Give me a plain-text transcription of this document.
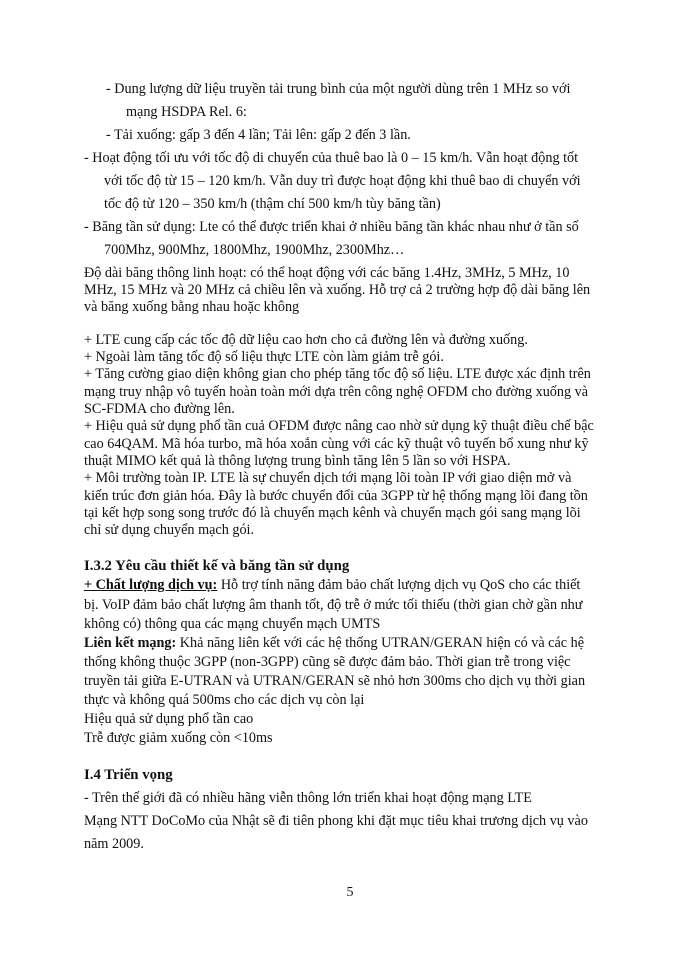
- Dung lượng dữ liệu truyền tải trung bình của một người dùng trên 1 MHz so với
mạng HSDPA Rel. 6:
- Tải xuống: gấp 3 đến 4 lần; Tải lên: gấp 2 đến 3 lần.
- Hoạt động tối ưu với tốc độ di chuyển của thuê bao là 0 – 15 km/h. Vẫn hoạt động tốt
với tốc độ từ 15 – 120 km/h. Vẫn duy trì được hoạt động khi thuê bao di chuyển với
tốc độ từ 120 – 350 km/h (thậm chí 500 km/h tùy băng tần)
- Băng tần sử dụng: Lte có thể được triển khai ở nhiều băng tần khác nhau như ở tần số
700Mhz, 900Mhz, 1800Mhz, 1900Mhz, 2300Mhz…
Độ dài băng thông linh hoạt: có thể hoạt động với các băng 1.4Hz, 3MHz, 5 MHz, 10
MHz, 15 MHz và 20 MHz cả chiều lên và xuống. Hỗ trợ cả 2 trường hợp độ dài băng lên
và băng xuống bằng nhau hoặc không
+ LTE cung cấp các tốc độ dữ liệu cao hơn cho cả đường lên và đường xuống.
+ Ngoài làm tăng tốc độ số liệu thực LTE còn làm giảm trễ gói.
+ Tăng cường giao diện không gian cho phép tăng tốc độ số liệu. LTE được xác định trên
mạng truy nhập vô tuyến hoàn toàn mới dựa trên công nghệ OFDM cho đường xuống và
SC-FDMA cho đường lên.
+ Hiệu quả sử dụng phổ tần cuả OFDM được nâng cao nhờ sử dụng kỹ thuật điều chế bậc
cao 64QAM. Mã hóa turbo, mã hóa xoắn cùng với các kỹ thuật vô tuyến bổ xung như kỹ
thuật MIMO kết quả là thông lượng trung bình tăng lên 5 lần so với HSPA.
+ Môi trường toàn IP. LTE là sự chuyển dịch tới mạng lõi toàn IP với giao diện mở và
kiến trúc đơn giản hóa. Đây là bước chuyển đổi của 3GPP từ hệ thống mạng lõi đang tồn
tại kết hợp song song trước đó là chuyển mạch kênh và chuyển mạch gói sang mạng lõi
chỉ sử dụng chuyển mạch gói.
I.3.2 Yêu cầu thiết kế và băng tần sử dụng
+ Chất lượng dịch vụ: Hỗ trợ tính năng đảm bảo chất lượng dịch vụ QoS cho các thiết
bị. VoIP đảm bảo chất lượng âm thanh tốt, độ trễ ở mức tối thiểu (thời gian chờ gần như
không có) thông qua các mạng chuyển mạch UMTS
Liên kết mạng: Khả năng liên kết với các hệ thống UTRAN/GERAN hiện có và các hệ
thống không thuộc 3GPP (non-3GPP) cũng sẽ được đảm bảo. Thời gian trễ trong việc
truyền tải giữa E-UTRAN và UTRAN/GERAN sẽ nhỏ hơn 300ms cho dịch vụ thời gian
thực và không quá 500ms cho các dịch vụ còn lại
Hiệu quả sử dụng phổ tần cao
Trễ được giảm xuống còn <10ms
I.4 Triển vọng
- Trên thế giới đã có nhiều hãng viễn thông lớn triển khai hoạt động mạng LTE
Mạng NTT DoCoMo của Nhật sẽ đi tiên phong khi đặt mục tiêu khai trương dịch vụ vào
năm 2009.
5
